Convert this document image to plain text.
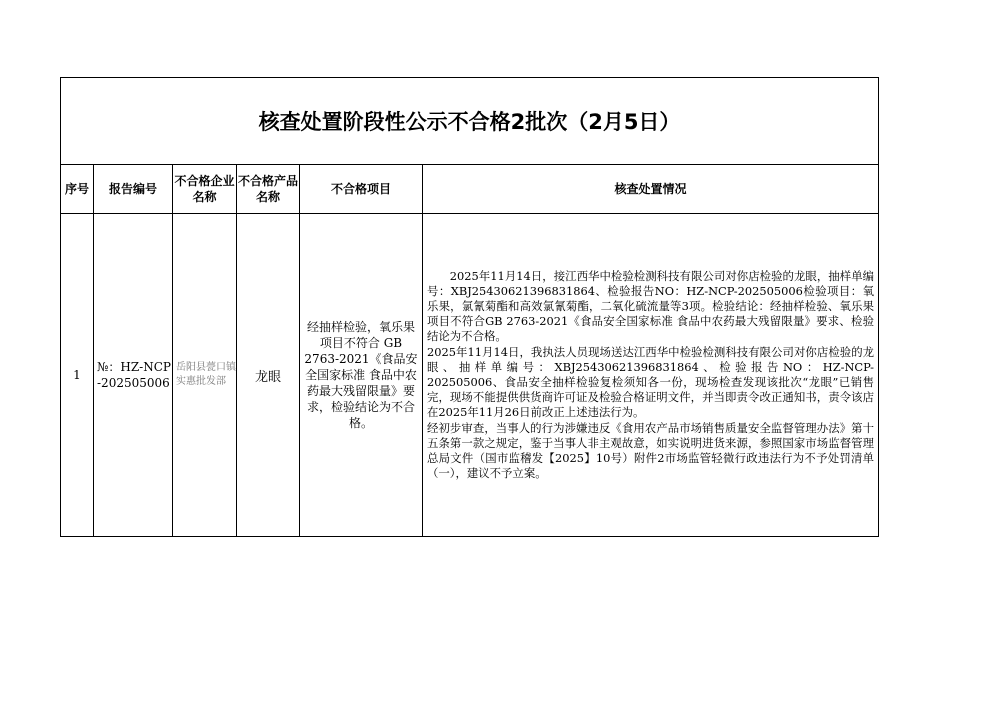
核查处置阶段性公示不合格2批次（2月5日）					
序号	报告编号	不合格企业名称	不合格产品名称	不合格项目	核查处置情况
1	№：HZ-NCP-202505006	岳阳县甍口镇实惠批发部	龙眼	经抽样检验，氧乐果项目不符合 GB 2763-2021《食品安全国家标准 食品中农药最大残留限量》要求，检验结论为不合格。	2025年11月14日，接江西华中检验检测科技有限公司对你店检验的龙眼，抽样单编号：XBJ25430621396831864、检验报告NO：HZ-NCP-202505006检验项目：氧乐果，氯氰菊酯和高效氯氰菊酯，二氧化硫流量等3项。检验结论：经抽样检验、氧乐果项目不符合GB 2763-2021《食品安全国家标准 食品中农药最大残留限量》要求、检验结论为不合格。

2025年11月14日，我执法人员现场送达江西华中检验检测科技有限公司对你店检验的龙眼、抽样单编号：XBJ25430621396831864、检验报告NO：HZ-NCP-202505006、食品安全抽样检验复检须知各一份，现场检查发现该批次“龙眼”已销售完，现场不能提供供货商许可证及检验合格证明文件，并当即责令改正通知书，责令该店在2025年11月26日前改正上述违法行为。

经初步审查，当事人的行为涉嫌违反《食用农产品市场销售质量安全监督管理办法》第十五条第一款之规定，鉴于当事人非主观故意，如实说明进货来源，参照国家市场监督管理总局文件（国市监稽发【2025】10号）附件2市场监管轻微行政违法行为不予处罚清单（一），建议不予立案。
